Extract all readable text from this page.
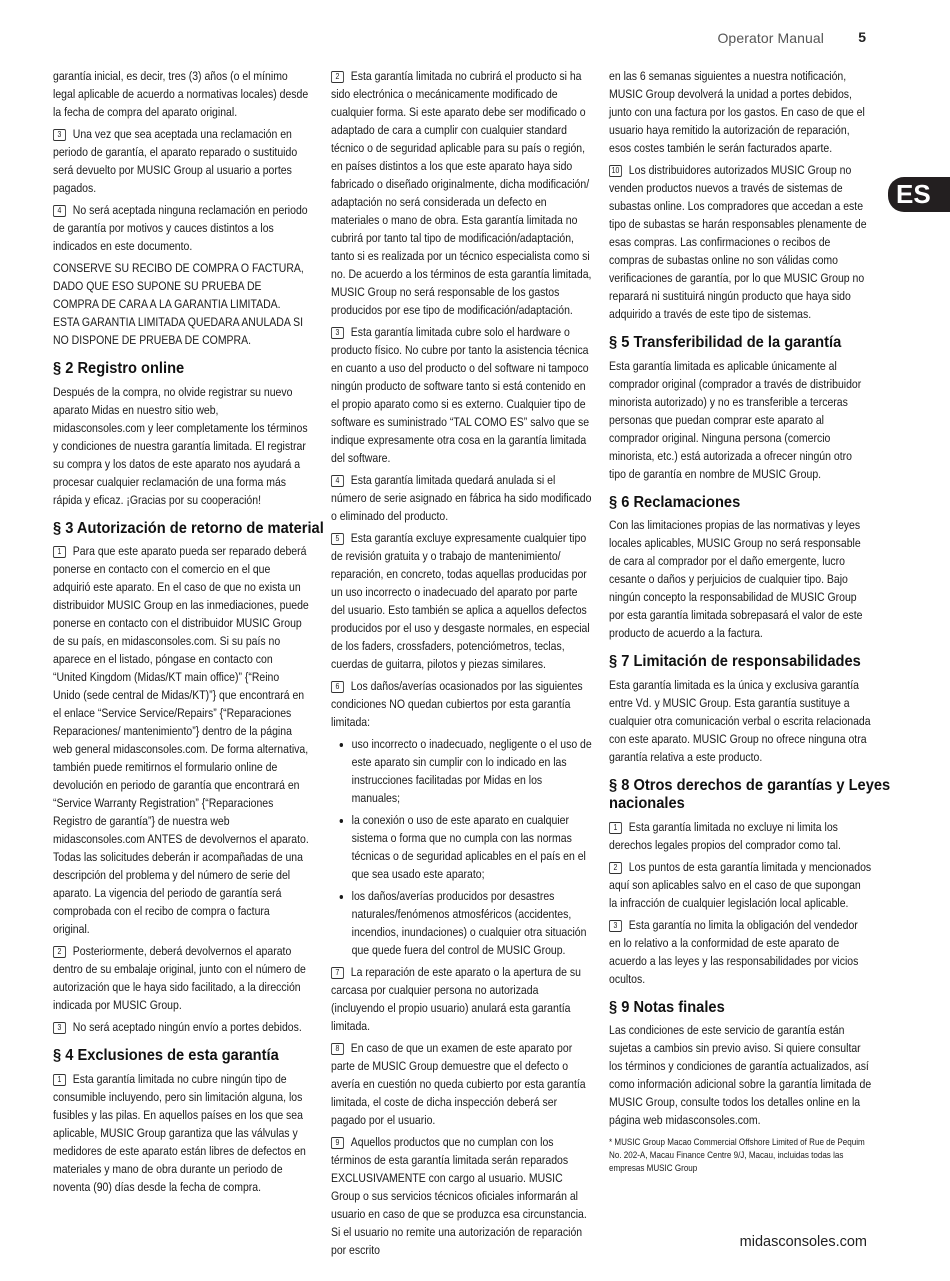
Operator Manual 5
ES

garantía inicial, es decir, tres (3) años (o el mínimo legal aplicable de acuerdo a normativas locales) desde la fecha de compra del aparato original.

3 Una vez que sea aceptada una reclamación en periodo de garantía, el aparato reparado o sustituido será devuelto por MUSIC Group al usuario a portes pagados.

4 No será aceptada ninguna reclamación en periodo de garantía por motivos y cauces distintos a los indicados en este documento.

CONSERVE SU RECIBO DE COMPRA O FACTURA, DADO QUE ESO SUPONE SU PRUEBA DE COMPRA DE CARA A LA GARANTIA LIMITADA. ESTA GARANTIA LIMITADA QUEDARA ANULADA SI NO DISPONE DE PRUEBA DE COMPRA.

§ 2 Registro online

Después de la compra, no olvide registrar su nuevo aparato Midas en nuestro sitio web, midasconsoles.com y leer completamente los términos y condiciones de nuestra garantía limitada. El registrar su compra y los datos de este aparato nos ayudará a procesar cualquier reclamación de una forma más rápida y eficaz. ¡Gracias por su cooperación!

§ 3 Autorización de retorno de material

1 Para que este aparato pueda ser reparado deberá ponerse en contacto con el comercio en el que adquirió este aparato. En el caso de que no exista un distribuidor MUSIC Group en las inmediaciones, puede ponerse en contacto con el distribuidor MUSIC Group de su país, en midasconsoles.com. Si su país no aparece en el listado, póngase en contacto con “United Kingdom (Midas/KT main office)” {“Reino Unido (sede central de Midas/KT)”} que encontrará en el enlace “Service Service/Repairs” {“Reparaciones Reparaciones/ mantenimiento”} dentro de la página web general midasconsoles.com. De forma alternativa, también puede remitirnos el formulario online de devolución en periodo de garantía que encontrará en “Service Warranty Registration” {“Reparaciones Registro de garantía”} de nuestra web midasconsoles.com ANTES de devolvernos el aparato. Todas las solicitudes deberán ir acompañadas de una descripción del problema y del número de serie del aparato. La vigencia del periodo de garantía será comprobada con el recibo de compra o factura original.

2 Posteriormente, deberá devolvernos el aparato dentro de su embalaje original, junto con el número de autorización que le haya sido facilitado, a la dirección indicada por MUSIC Group.

3 No será aceptado ningún envío a portes debidos.

§ 4 Exclusiones de esta garantía

1 Esta garantía limitada no cubre ningún tipo de consumible incluyendo, pero sin limitación alguna, los fusibles y las pilas. En aquellos países en los que sea aplicable, MUSIC Group garantiza que las válvulas y medidores de este aparato están libres de defectos en materiales y mano de obra durante un periodo de noventa (90) días desde la fecha de compra.

2 Esta garantía limitada no cubrirá el producto si ha sido electrónica o mecánicamente modificado de cualquier forma. Si este aparato debe ser modificado o adaptado de cara a cumplir con cualquier standard técnico o de seguridad aplicable para su país o región, en países distintos a los que este aparato haya sido fabricado o diseñado originalmente, dicha modificación/ adaptación no será considerada un defecto en materiales o mano de obra. Esta garantía limitada no cubrirá por tanto tal tipo de modificación/adaptación, tanto si es realizada por un técnico especialista como si no. De acuerdo a los términos de esta garantía limitada, MUSIC Group no será responsable de los gastos producidos por ese tipo de modificación/adaptación.

3 Esta garantía limitada cubre solo el hardware o producto físico. No cubre por tanto la asistencia técnica en cuanto a uso del producto o del software ni tampoco ningún producto de software tanto si está contenido en el propio aparato como si es externo. Cualquier tipo de software es suministrado “TAL COMO ES” salvo que se indique expresamente otra cosa en la garantía limitada del software.

4 Esta garantía limitada quedará anulada si el número de serie asignado en fábrica ha sido modificado o eliminado del producto.

5 Esta garantía excluye expresamente cualquier tipo de revisión gratuita y o trabajo de mantenimiento/ reparación, en concreto, todas aquellas producidas por un uso incorrecto o inadecuado del aparato por parte del usuario. Esto también se aplica a aquellos defectos producidos por el uso y desgaste normales, en especial de los faders, crossfaders, potenciómetros, teclas, cuerdas de guitarra, pilotos y piezas similares.

6 Los daños/averías ocasionados por las siguientes condiciones NO quedan cubiertos por esta garantía limitada:

• uso incorrecto o inadecuado, negligente o el uso de este aparato sin cumplir con lo indicado en las instrucciones facilitadas por Midas en los manuales;
• la conexión o uso de este aparato en cualquier sistema o forma que no cumpla con las normas técnicas o de seguridad aplicables en el país en el que sea usado este aparato;
• los daños/averías producidos por desastres naturales/fenómenos atmosféricos (accidentes, incendios, inundaciones) o cualquier otra situación que quede fuera del control de MUSIC Group.

7 La reparación de este aparato o la apertura de su carcasa por cualquier persona no autorizada (incluyendo el propio usuario) anulará esta garantía limitada.

8 En caso de que un examen de este aparato por parte de MUSIC Group demuestre que el defecto o avería en cuestión no queda cubierto por esta garantía limitada, el coste de dicha inspección deberá ser pagado por el usuario.

9 Aquellos productos que no cumplan con los términos de esta garantía limitada serán reparados EXCLUSIVAMENTE con cargo al usuario. MUSIC Group o sus servicios técnicos oficiales informarán al usuario en caso de que se produzca esa circunstancia. Si el usuario no remite una autorización de reparación por escrito

en las 6 semanas siguientes a nuestra notificación, MUSIC Group devolverá la unidad a portes debidos, junto con una factura por los gastos. En caso de que el usuario haya remitido la autorización de reparación, esos costes también le serán facturados aparte.

10 Los distribuidores autorizados MUSIC Group no venden productos nuevos a través de sistemas de subastas online. Los compradores que accedan a este tipo de subastas se harán responsables plenamente de esas compras. Las confirmaciones o recibos de compras de subastas online no son válidas como verificaciones de garantía, por lo que MUSIC Group no reparará ni sustituirá ningún producto que haya sido adquirido a través de este tipo de sistemas.

§ 5 Transferibilidad de la garantía

Esta garantía limitada es aplicable únicamente al comprador original (comprador a través de distribuidor minorista autorizado) y no es transferible a terceras personas que puedan comprar este aparato al comprador original. Ninguna persona (comercio minorista, etc.) está autorizada a ofrecer ningún otro tipo de garantía en nombre de MUSIC Group.

§ 6 Reclamaciones

Con las limitaciones propias de las normativas y leyes locales aplicables, MUSIC Group no será responsable de cara al comprador por el daño emergente, lucro cesante o daños y perjuicios de cualquier tipo. Bajo ningún concepto la responsabilidad de MUSIC Group por esta garantía limitada sobrepasará el valor de este producto de acuerdo a la factura.

§ 7 Limitación de responsabilidades

Esta garantía limitada es la única y exclusiva garantía entre Vd. y MUSIC Group. Esta garantía sustituye a cualquier otra comunicación verbal o escrita relacionada con este aparato. MUSIC Group no ofrece ninguna otra garantía relativa a este producto.

§ 8 Otros derechos de garantías y Leyes nacionales

1 Esta garantía limitada no excluye ni limita los derechos legales propios del comprador como tal.

2 Los puntos de esta garantía limitada y mencionados aquí son aplicables salvo en el caso de que supongan la infracción de cualquier legislación local aplicable.

3 Esta garantía no limita la obligación del vendedor en lo relativo a la conformidad de este aparato de acuerdo a las leyes y las responsabilidades por vicios ocultos.

§ 9 Notas finales

Las condiciones de este servicio de garantía están sujetas a cambios sin previo aviso. Si quiere consultar los términos y condiciones de garantía actualizados, así como información adicional sobre la garantía limitada de MUSIC Group, consulte todos los detalles online en la página web midasconsoles.com.

* MUSIC Group Macao Commercial Offshore Limited of Rue de Pequim No. 202-A, Macau Finance Centre 9/J, Macau, incluidas todas las empresas MUSIC Group

midasconsoles.com
